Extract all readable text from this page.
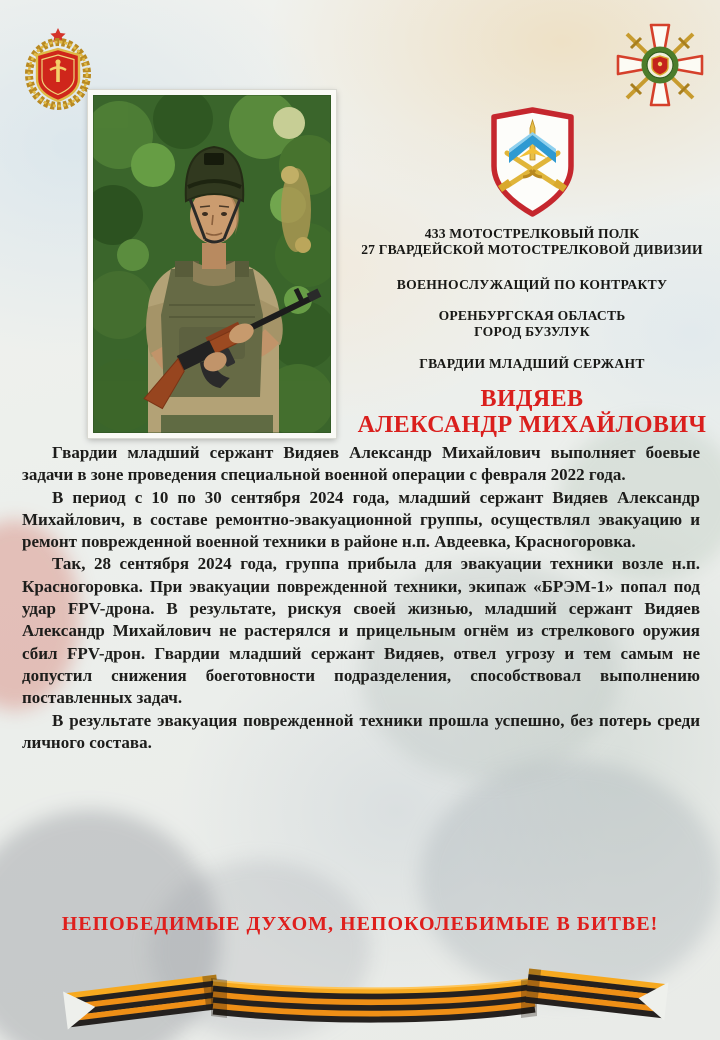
433 МОТОСТРЕЛКОВЫЙ ПОЛК
27 ГВАРДЕЙСКОЙ МОТОСТРЕЛКОВОЙ ДИВИЗИИ
ВОЕННОСЛУЖАЩИЙ ПО КОНТРАКТУ
ОРЕНБУРГСКАЯ ОБЛАСТЬ
ГОРОД БУЗУЛУК
ГВАРДИИ МЛАДШИЙ СЕРЖАНТ
ВИДЯЕВ
АЛЕКСАНДР МИХАЙЛОВИЧ

Гвардии младший сержант Видяев Александр Михайлович выполняет боевые задачи в зоне проведения специальной военной операции с февраля 2022 года.

В период с 10 по 30 сентября 2024 года, младший сержант Видяев Александр Михайлович, в составе ремонтно-эвакуационной группы, осуществлял эвакуацию и ремонт поврежденной военной техники в районе н.п. Авдеевка, Красногоровка.

Так, 28 сентября 2024 года, группа прибыла для эвакуации техники возле н.п. Красногоровка. При эвакуации поврежденной техники, экипаж «БРЭМ-1» попал под удар FPV-дрона. В результате, рискуя своей жизнью, младший сержант Видяев Александр Михайлович не растерялся и прицельным огнём из стрелкового оружия сбил FPV-дрон. Гвардии младший сержант Видяев, отвел угрозу и тем самым не допустил снижения боеготовности подразделения, способствовал выполнению поставленных задач.

В результате эвакуация поврежденной техники прошла успешно, без потерь среди личного состава.

НЕПОБЕДИМЫЕ ДУХОМ, НЕПОКОЛЕБИМЫЕ В БИТВЕ!
